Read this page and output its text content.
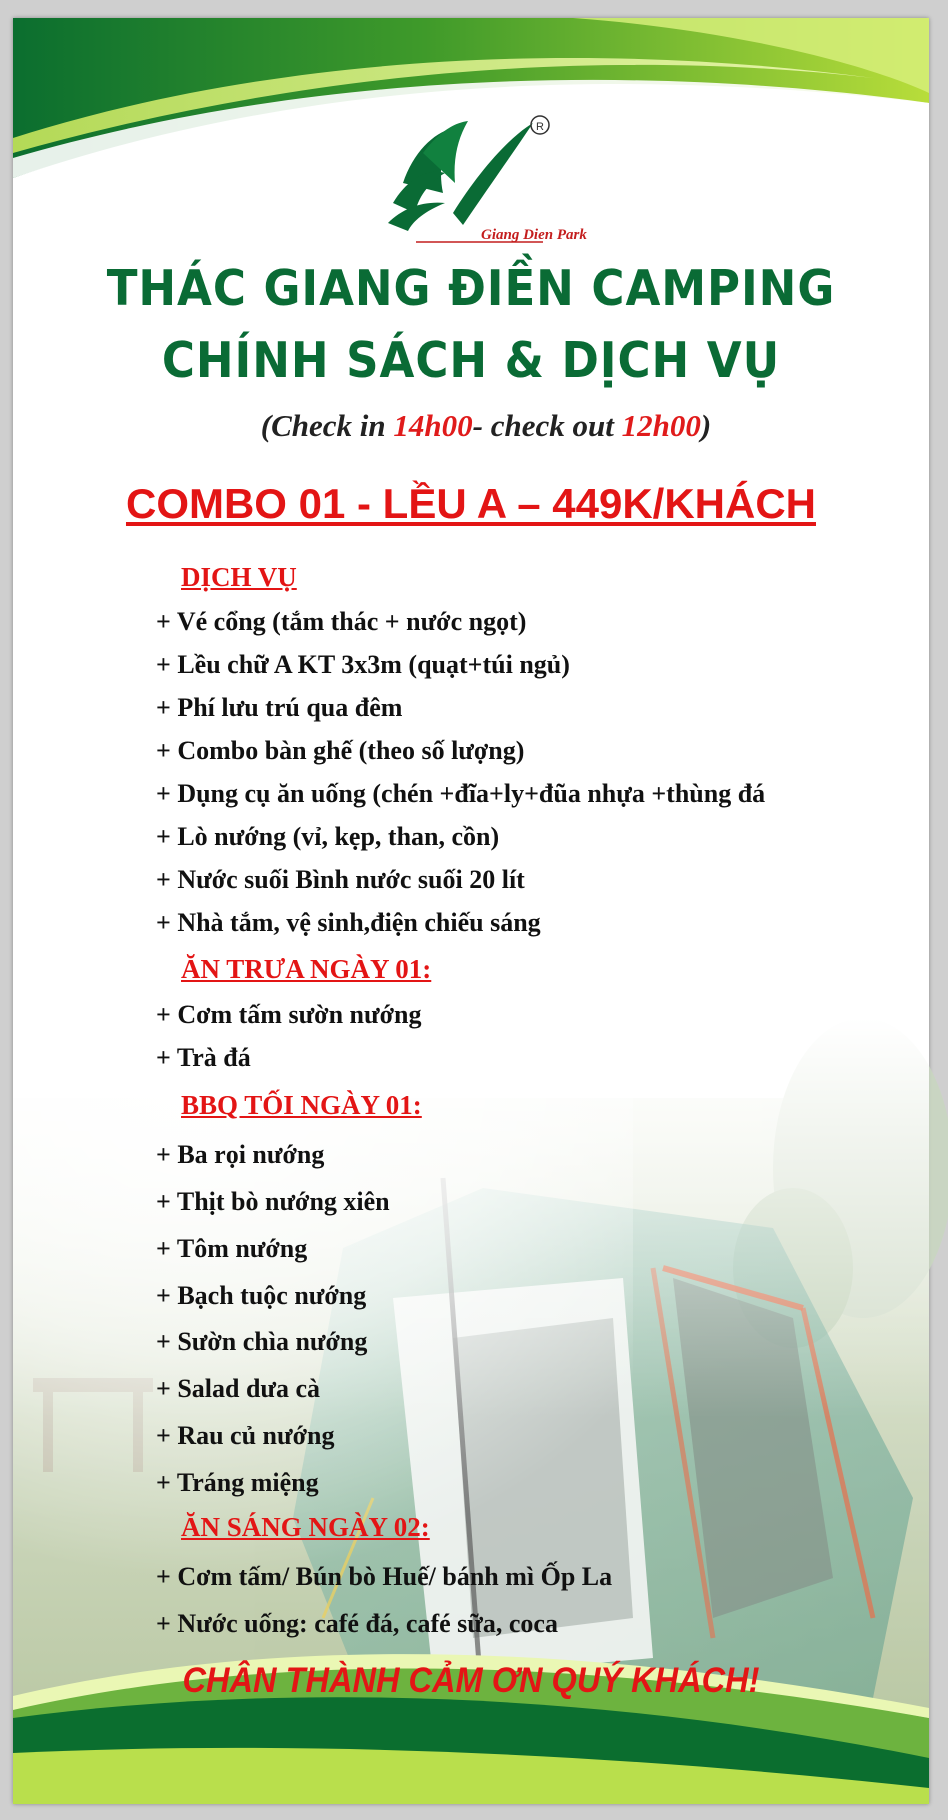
Giang Dien Park
R
THÁC GIANG ĐIỀN CAMPING
CHÍNH SÁCH & DỊCH VỤ
(Check in 14h00- check out 12h00)
COMBO 01 - LỀU A – 449K/KHÁCH
DỊCH VỤ
+ Vé cổng (tắm thác + nước ngọt)
+ Lều chữ A KT 3x3m (quạt+túi ngủ)
+ Phí lưu trú qua đêm
+ Combo bàn ghế (theo số lượng)
+ Dụng cụ ăn uống (chén +đĩa+ly+đũa nhựa +thùng đá
+ Lò nướng (vỉ, kẹp, than, cồn)
+ Nước suối Bình nước suối 20 lít
+ Nhà tắm, vệ sinh,điện chiếu sáng
ĂN TRƯA NGÀY 01:
+ Cơm tấm sườn nướng
+ Trà đá
BBQ TỐI NGÀY 01:
+ Ba rọi nướng
+ Thịt bò nướng xiên
+ Tôm nướng
+ Bạch tuộc nướng
+ Sườn chìa nướng
+ Salad dưa cà
+ Rau củ nướng
+ Tráng miệng
ĂN SÁNG NGÀY 02:
+ Cơm tấm/ Bún bò Huế/ bánh mì Ốp La
+ Nước uống: café đá, café sữa, coca
CHÂN THÀNH CẢM ƠN QUÝ KHÁCH!
